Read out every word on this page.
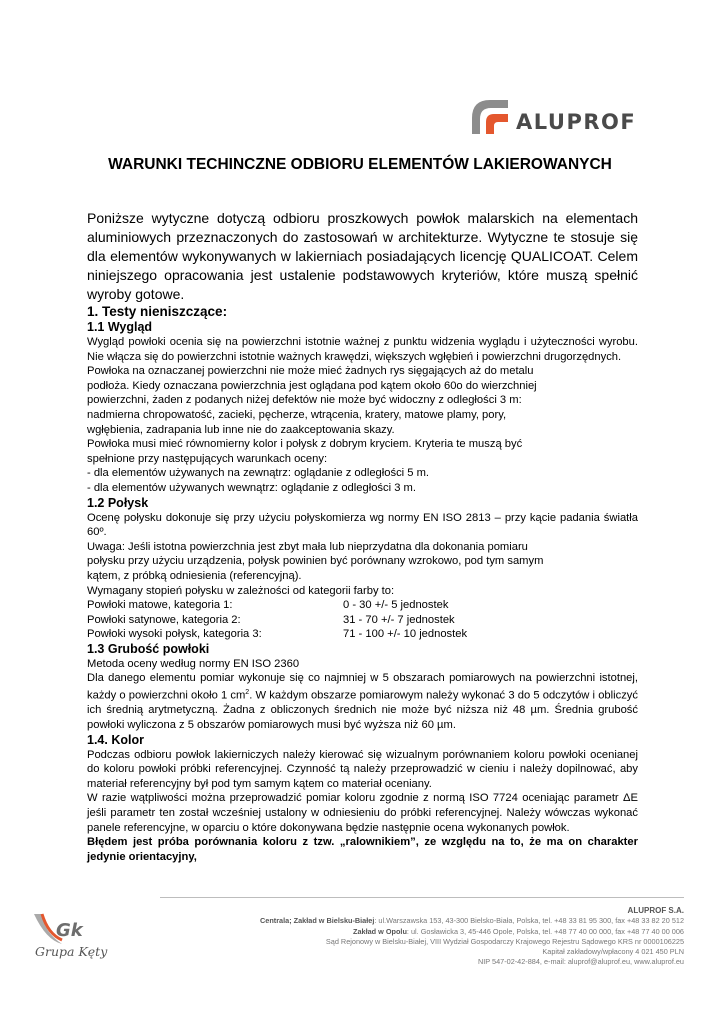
ALUPROF
WARUNKI TECHINCZNE ODBIORU ELEMENTÓW LAKIEROWANYCH
Poniższe wytyczne dotyczą odbioru proszkowych powłok malarskich na elementach aluminiowych przeznaczonych do zastosowań w architekturze. Wytyczne te stosuje się dla elementów wykonywanych w lakierniach posiadających licencję QUALICOAT. Celem niniejszego opracowania jest ustalenie podstawowych kryteriów, które muszą spełnić wyroby gotowe.

1. Testy nieniszczące:

1.1 Wygląd

Wygląd powłoki ocenia się na powierzchni istotnie ważnej z punktu widzenia wyglądu i użyteczności wyrobu. Nie włącza się do powierzchni istotnie ważnych krawędzi, większych wgłębień i powierzchni drugorzędnych.

Powłoka na oznaczanej powierzchni nie może mieć żadnych rys sięgających aż do metalu

podłoża. Kiedy oznaczana powierzchnia jest oglądana pod kątem około 60o do wierzchniej

powierzchni, żaden z podanych niżej defektów nie może być widoczny z odległości 3 m:

nadmierna chropowatość, zacieki, pęcherze, wtrącenia, kratery, matowe plamy, pory,

wgłębienia, zadrapania lub inne nie do zaakceptowania skazy.

Powłoka musi mieć równomierny kolor i połysk z dobrym kryciem. Kryteria te muszą być

spełnione przy następujących warunkach oceny:

- dla elementów używanych na zewnątrz: oglądanie z odległości 5 m.

- dla elementów używanych wewnątrz: oglądanie z odległości 3 m.

1.2 Połysk

Ocenę połysku dokonuje się przy użyciu połyskomierza wg normy EN ISO 2813 – przy kącie padania światła 60º.

Uwaga: Jeśli istotna powierzchnia jest zbyt mała lub nieprzydatna dla dokonania pomiaru

połysku przy użyciu urządzenia, połysk powinien być porównany wzrokowo, pod tym samym

kątem, z próbką odniesienia (referencyjną).

Wymagany stopień połysku w zależności od kategorii farby to:

Powłoki matowe, kategoria 1:	0 - 30 +/- 5 jednostek
Powłoki satynowe, kategoria 2:	31 - 70 +/- 7 jednostek
Powłoki wysoki połysk, kategoria 3:	71 - 100 +/- 10 jednostek

1.3 Grubość powłoki

Metoda oceny według normy EN ISO 2360

Dla danego elementu pomiar wykonuje się co najmniej w 5 obszarach pomiarowych na powierzchni istotnej, każdy o powierzchni około 1 $cm^2$. W każdym obszarze pomiarowym należy wykonać 3 do 5 odczytów i obliczyć ich średnią arytmetyczną. Żadna z obliczonych średnich nie może być niższa niż 48 µm. Średnia grubość powłoki wyliczona z 5 obszarów pomiarowych musi być wyższa niż 60 µm.

1.4. Kolor

Podczas odbioru powłok lakierniczych należy kierować się wizualnym porównaniem koloru powłoki ocenianej do koloru powłoki próbki referencyjnej. Czynność tą należy przeprowadzić w cieniu i należy dopilnować, aby materiał referencyjny był pod tym samym kątem co materiał oceniany.

W razie wątpliwości można przeprowadzić pomiar koloru zgodnie z normą ISO 7724 oceniając parametr ΔE jeśli parametr ten został wcześniej ustalony w odniesieniu do próbki referencyjnej. Należy wówczas wykonać panele referencyjne, w oparciu o które dokonywana będzie następnie ocena wykonanych powłok.

Błędem jest próba porównania koloru z tzw. „ralownikiem”, ze względu na to, że ma on charakter jedynie orientacyjny,

Gk
Grupa Kęty
ALUPROF S.A.
Centrala; Zakład w Bielsku-Białej: ul.Warszawska 153, 43-300 Bielsko-Biała, Polska, tel. +48 33 81 95 300, fax +48 33 82 20 512
Zakład w Opolu: ul. Gosławicka 3, 45-446 Opole, Polska, tel. +48 77 40 00 000, fax +48 77 40 00 006
Sąd Rejonowy w Bielsku-Białej, VIII Wydział Gospodarczy Krajowego Rejestru Sądowego KRS nr 0000106225
Kapitał zakładowy/wpłacony 4 021 450 PLN
NIP 547-02-42-884, e-mail: aluprof@aluprof.eu, www.aluprof.eu
